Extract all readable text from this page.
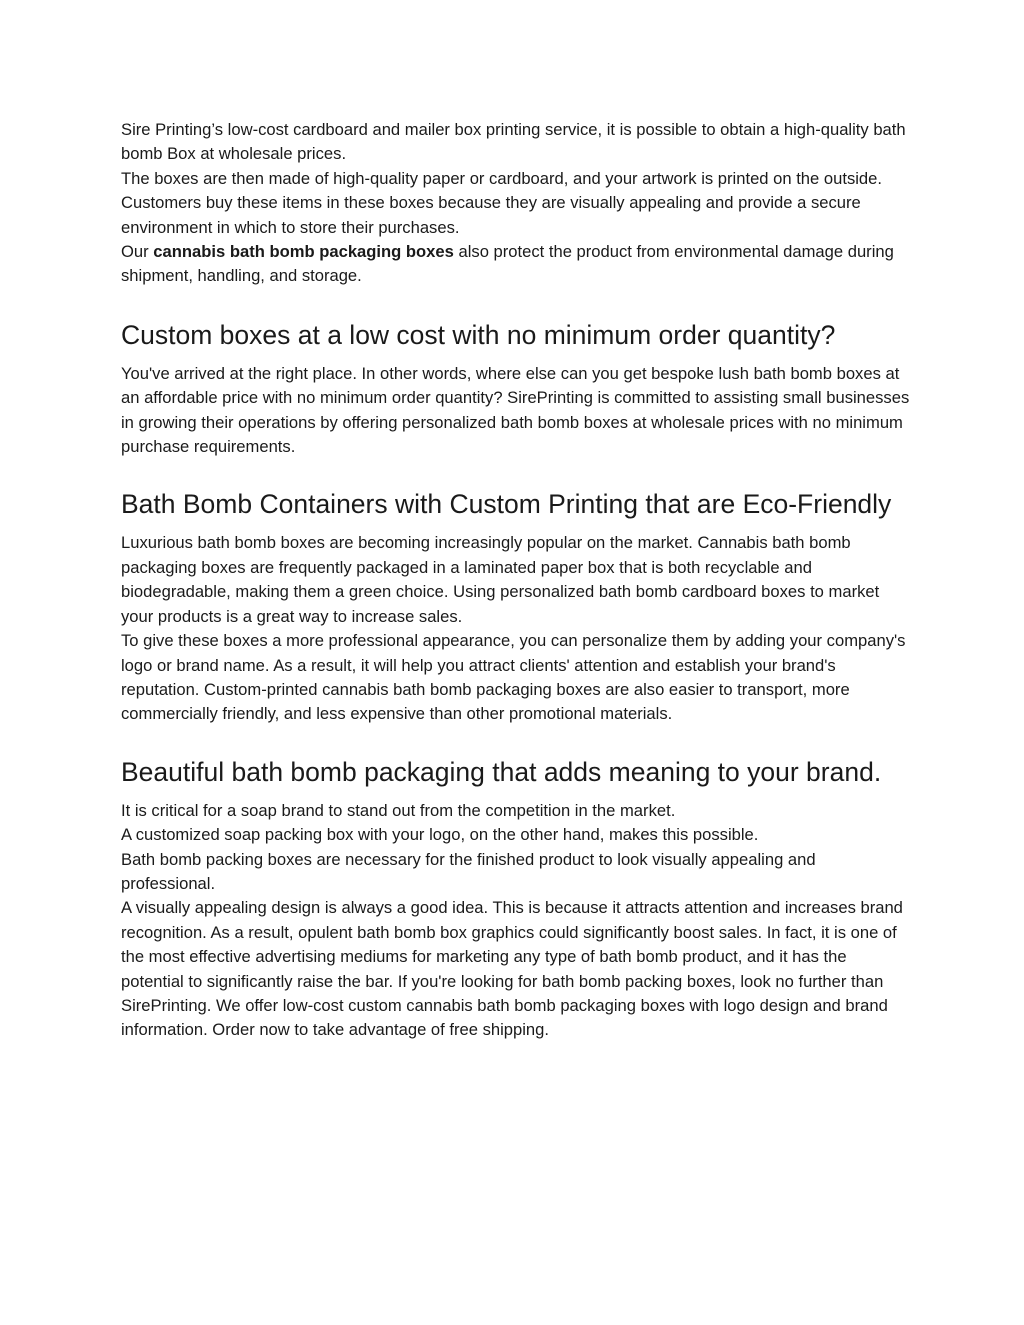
Sire Printing’s low-cost cardboard and mailer box printing service, it is possible to obtain a high-quality bath bomb Box at wholesale prices.

The boxes are then made of high-quality paper or cardboard, and your artwork is printed on the outside. Customers buy these items in these boxes because they are visually appealing and provide a secure environment in which to store their purchases.

Our cannabis bath bomb packaging boxes also protect the product from environmental damage during shipment, handling, and storage.

Custom boxes at a low cost with no minimum order quantity?

You've arrived at the right place. In other words, where else can you get bespoke lush bath bomb boxes at an affordable price with no minimum order quantity? SirePrinting is committed to assisting small businesses in growing their operations by offering personalized bath bomb boxes at wholesale prices with no minimum purchase requirements.

Bath Bomb Containers with Custom Printing that are Eco-Friendly

Luxurious bath bomb boxes are becoming increasingly popular on the market. Cannabis bath bomb packaging boxes are frequently packaged in a laminated paper box that is both recyclable and biodegradable, making them a green choice. Using personalized bath bomb cardboard boxes to market your products is a great way to increase sales.

To give these boxes a more professional appearance, you can personalize them by adding your company's logo or brand name. As a result, it will help you attract clients' attention and establish your brand's reputation. Custom-printed cannabis bath bomb packaging boxes are also easier to transport, more commercially friendly, and less expensive than other promotional materials.

Beautiful bath bomb packaging that adds meaning to your brand.

It is critical for a soap brand to stand out from the competition in the market.

A customized soap packing box with your logo, on the other hand, makes this possible.

Bath bomb packing boxes are necessary for the finished product to look visually appealing and professional.

A visually appealing design is always a good idea. This is because it attracts attention and increases brand recognition. As a result, opulent bath bomb box graphics could significantly boost sales. In fact, it is one of the most effective advertising mediums for marketing any type of bath bomb product, and it has the potential to significantly raise the bar. If you're looking for bath bomb packing boxes, look no further than SirePrinting. We offer low-cost custom cannabis bath bomb packaging boxes with logo design and brand information. Order now to take advantage of free shipping.
